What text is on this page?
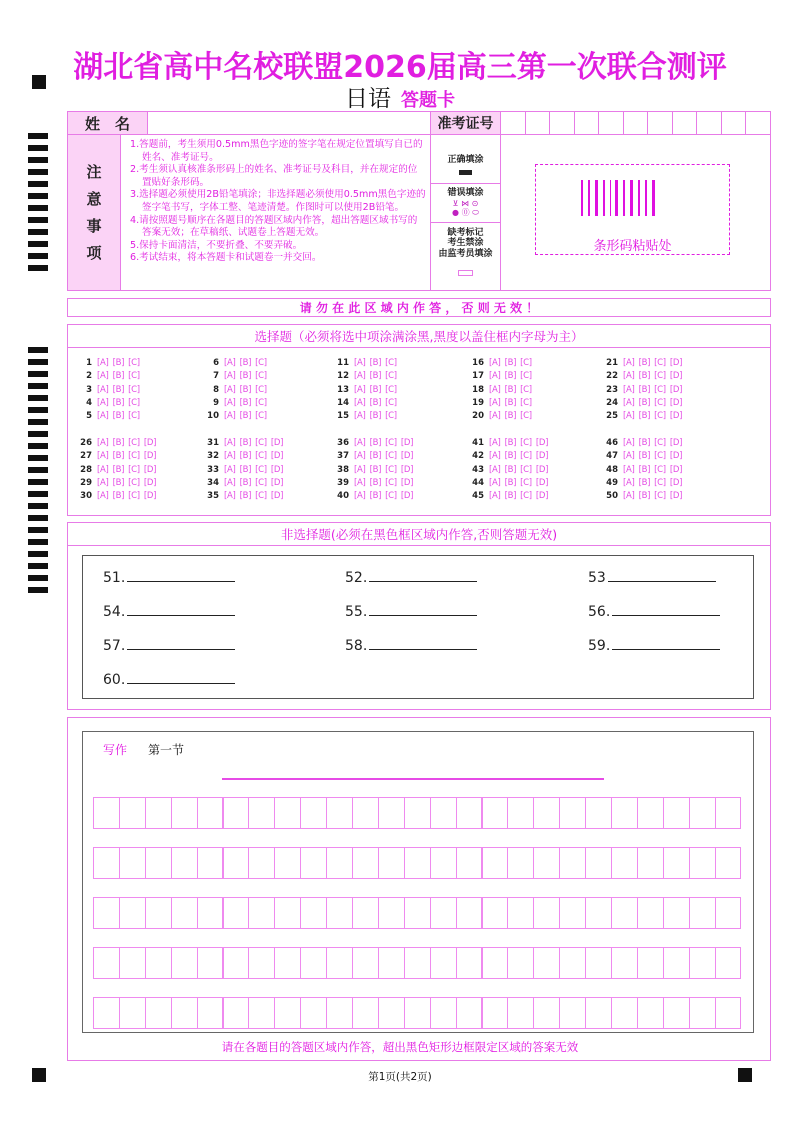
湖北省高中名校联盟2026届高三第一次联合测评
日语 答题卡
姓　名	准考证号
注
意
事
项
1.答题前，考生须用0.5mm黑色字迹的签字笔在规定位置填写自已的姓名、准考证号。
2.考生须认真核准条形码上的姓名、准考证号及科目，并在规定的位置贴好条形码。
3.选择题必须使用2B铅笔填涂；非选择题必须使用0.5mm黑色字迹的签字笔书写，字体工整、笔迹清楚。作图时可以使用2B铅笔。
4.请按照题号顺序在各题目的答题区域内作答，超出答题区域书写的答案无效；在草稿纸、试题卷上答题无效。
5.保持卡面清洁，不要折叠、不要弄破。
6.考试结束，将本答题卡和试题卷一并交回。
正确填涂
错误填涂
⊻ ⋈ ⊙
● ⓪ ⬭
缺考标记
考生禁涂
由监考员填涂	条形码粘贴处
请 勿 在 此 区 域 内 作 答 ， 否 则 无 效 ！
选择题（必须将选中项涂满涂黑,黑度以盖住框内字母为主）
1 [A] [B] [C]
2 [A] [B] [C]
3 [A] [B] [C]
4 [A] [B] [C]
5 [A] [B] [C]
6 [A] [B] [C]
7 [A] [B] [C]
8 [A] [B] [C]
9 [A] [B] [C]
10 [A] [B] [C]
11 [A] [B] [C]
12 [A] [B] [C]
13 [A] [B] [C]
14 [A] [B] [C]
15 [A] [B] [C]
16 [A] [B] [C]
17 [A] [B] [C]
18 [A] [B] [C]
19 [A] [B] [C]
20 [A] [B] [C]
21 [A] [B] [C] [D]
22 [A] [B] [C] [D]
23 [A] [B] [C] [D]
24 [A] [B] [C] [D]
25 [A] [B] [C] [D]
26 [A] [B] [C] [D]
27 [A] [B] [C] [D]
28 [A] [B] [C] [D]
29 [A] [B] [C] [D]
30 [A] [B] [C] [D]
31 [A] [B] [C] [D]
32 [A] [B] [C] [D]
33 [A] [B] [C] [D]
34 [A] [B] [C] [D]
35 [A] [B] [C] [D]
36 [A] [B] [C] [D]
37 [A] [B] [C] [D]
38 [A] [B] [C] [D]
39 [A] [B] [C] [D]
40 [A] [B] [C] [D]
41 [A] [B] [C] [D]
42 [A] [B] [C] [D]
43 [A] [B] [C] [D]
44 [A] [B] [C] [D]
45 [A] [B] [C] [D]
46 [A] [B] [C] [D]
47 [A] [B] [C] [D]
48 [A] [B] [C] [D]
49 [A] [B] [C] [D]
50 [A] [B] [C] [D]
非选择题(必须在黑色框区域内作答,否则答题无效)
51.	52.	53
54.	55.	56.
57.	58.	59.
60.
写作 第一节
请在各题目的答题区域内作答，超出黑色矩形边框限定区域的答案无效
第1页(共2页)
